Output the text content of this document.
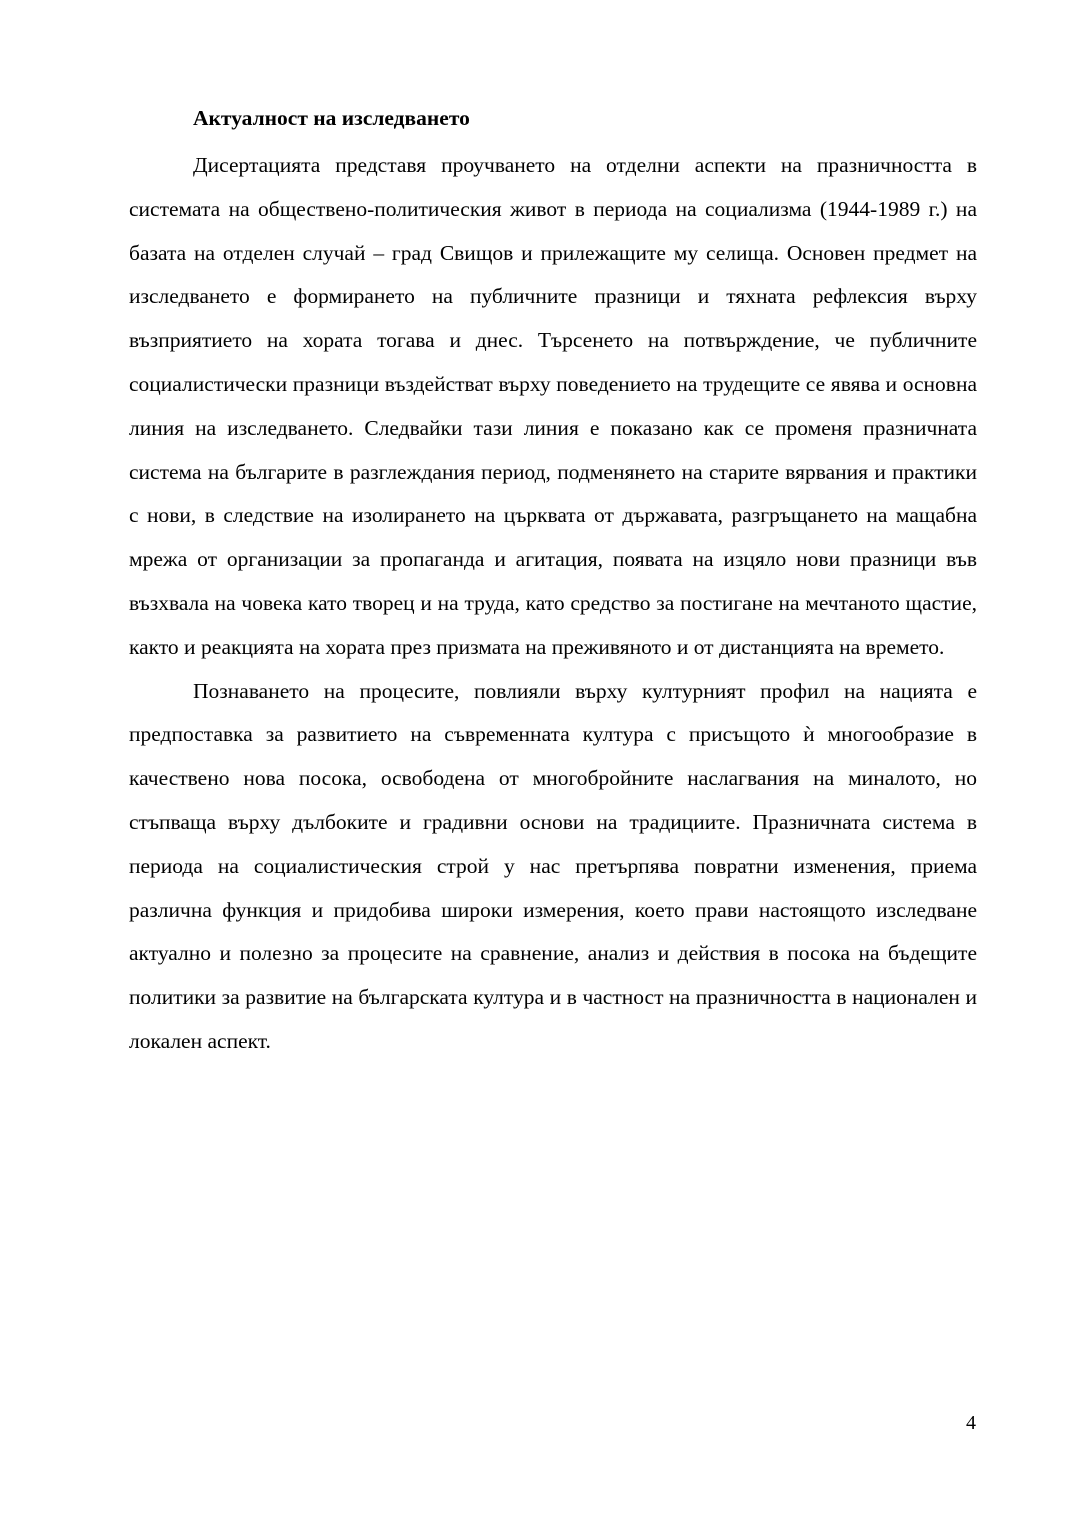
Актуалност на изследването

Дисертацията представя проучването на отделни аспекти на празничността в системата на обществено-политическия живот в периода на социализма (1944-1989 г.) на базата на отделен случай – град Свищов и прилежащите му селища. Основен предмет на изследването е формирането на публичните празници и тяхната рефлексия върху възприятието на хората тогава и днес. Търсенето на потвърждение, че публичните социалистически празници въздействат върху поведението на трудещите се явява и основна линия на изследването. Следвайки тази линия е показано как се променя празничната система на българите в разглеждания период, подменянето на старите вярвания и практики с нови, в следствие на изолирането на църквата от държавата, разгръщането на мащабна мрежа от организации за пропаганда и агитация, появата на изцяло нови празници във възхвала на човека като творец и на труда, като средство за постигане на мечтаното щастие, както и реакцията на хората през призмата на преживяното и от дистанцията на времето.

Познаването на процесите, повлияли върху културният профил на нацията е предпоставка за развитието на съвременната култура с присъщото ѝ многообразие в качествено нова посока, освободена от многобройните наслагвания на миналото, но стъпваща върху дълбоките и градивни основи на традициите. Празничната система в периода на социалистическия строй у нас претърпява повратни изменения, приема различна функция и придобива широки измерения, което прави настоящото изследване актуално и полезно за процесите на сравнение, анализ и действия в посока на бъдещите политики за развитие на българската култура и в частност на празничността в национален и локален аспект.

4
